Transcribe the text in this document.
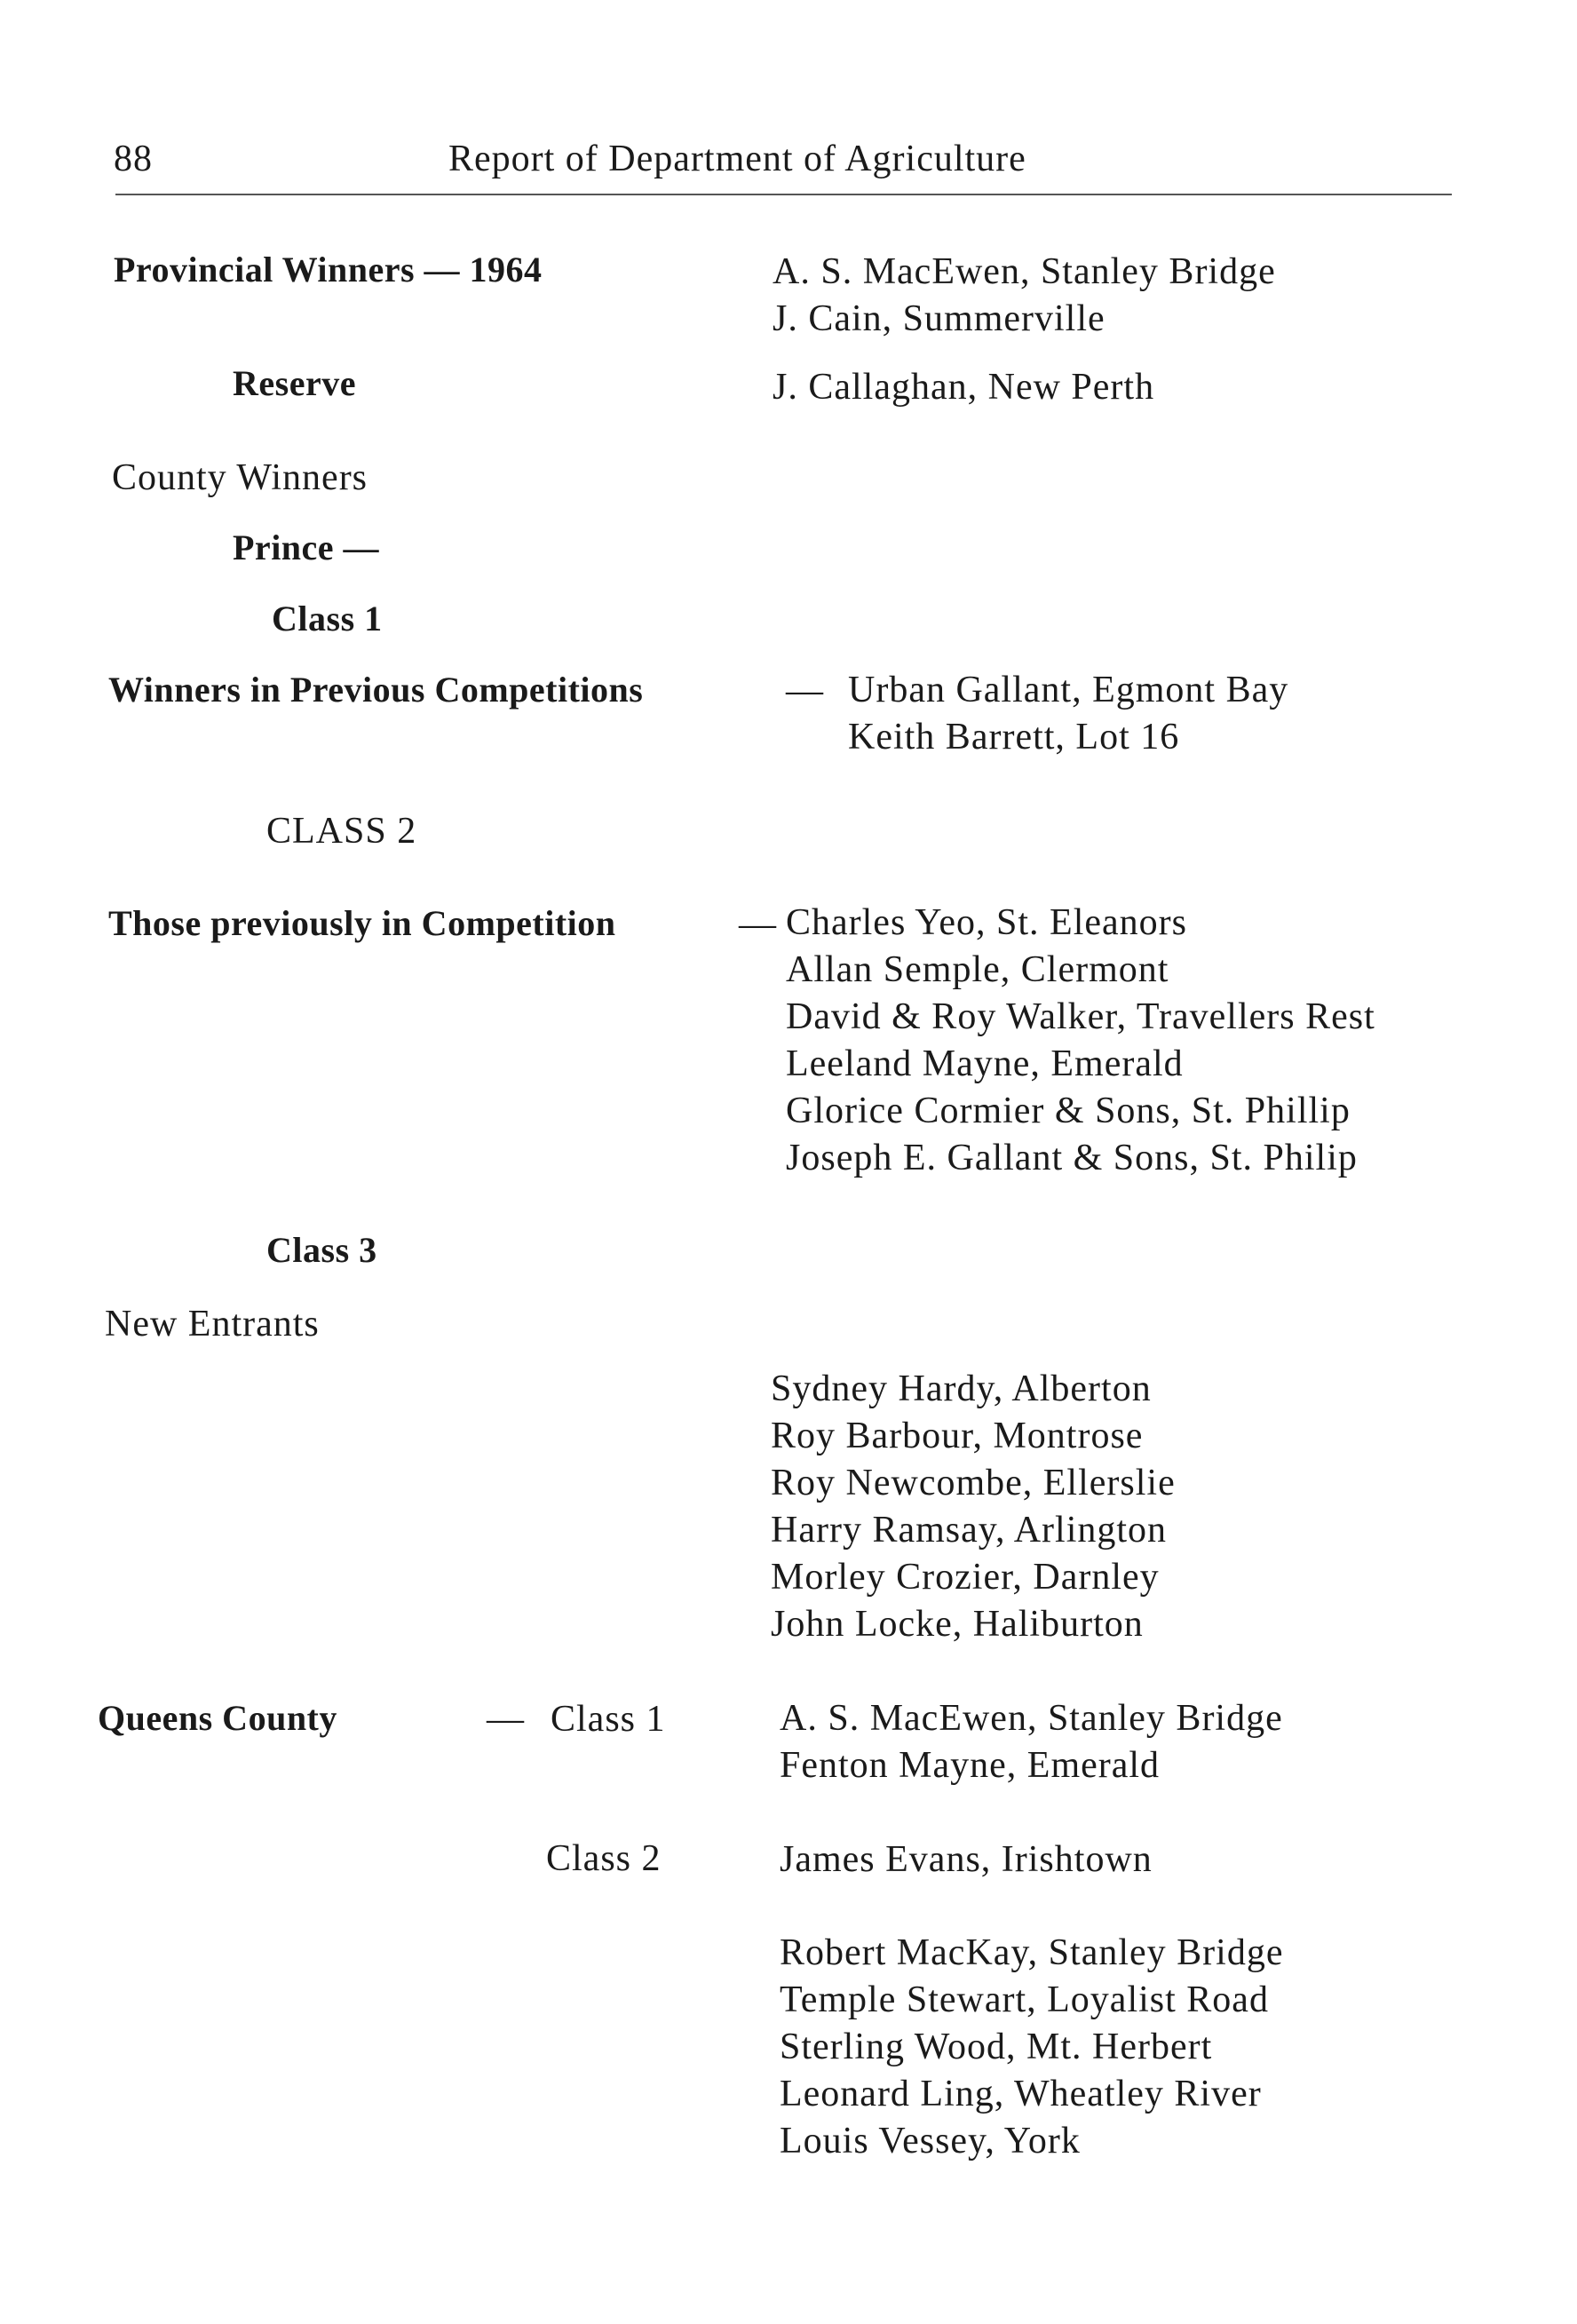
88	Report of Department of Agriculture
Provincial Winners — 1964	A. S. MacEwen, Stanley Bridge
J. Cain, Summerville
Reserve	J. Callaghan, New Perth
County Winners
Prince —
Class 1
Winners in Previous Competitions	— Urban Gallant, Egmont Bay
Keith Barrett, Lot 16
CLASS 2
Those previously in Competition	— Charles Yeo, St. Eleanors
Allan Semple, Clermont
David & Roy Walker, Travellers Rest
Leeland Mayne, Emerald
Glorice Cormier & Sons, St. Phillip
Joseph E. Gallant & Sons, St. Philip
Class 3
New Entrants
Sydney Hardy, Alberton
Roy Barbour, Montrose
Roy Newcombe, Ellerslie
Harry Ramsay, Arlington
Morley Crozier, Darnley
John Locke, Haliburton
Queens County	— Class 1	A. S. MacEwen, Stanley Bridge
Fenton Mayne, Emerald
Class 2	James Evans, Irishtown
Robert MacKay, Stanley Bridge
Temple Stewart, Loyalist Road
Sterling Wood, Mt. Herbert
Leonard Ling, Wheatley River
Louis Vessey, York
